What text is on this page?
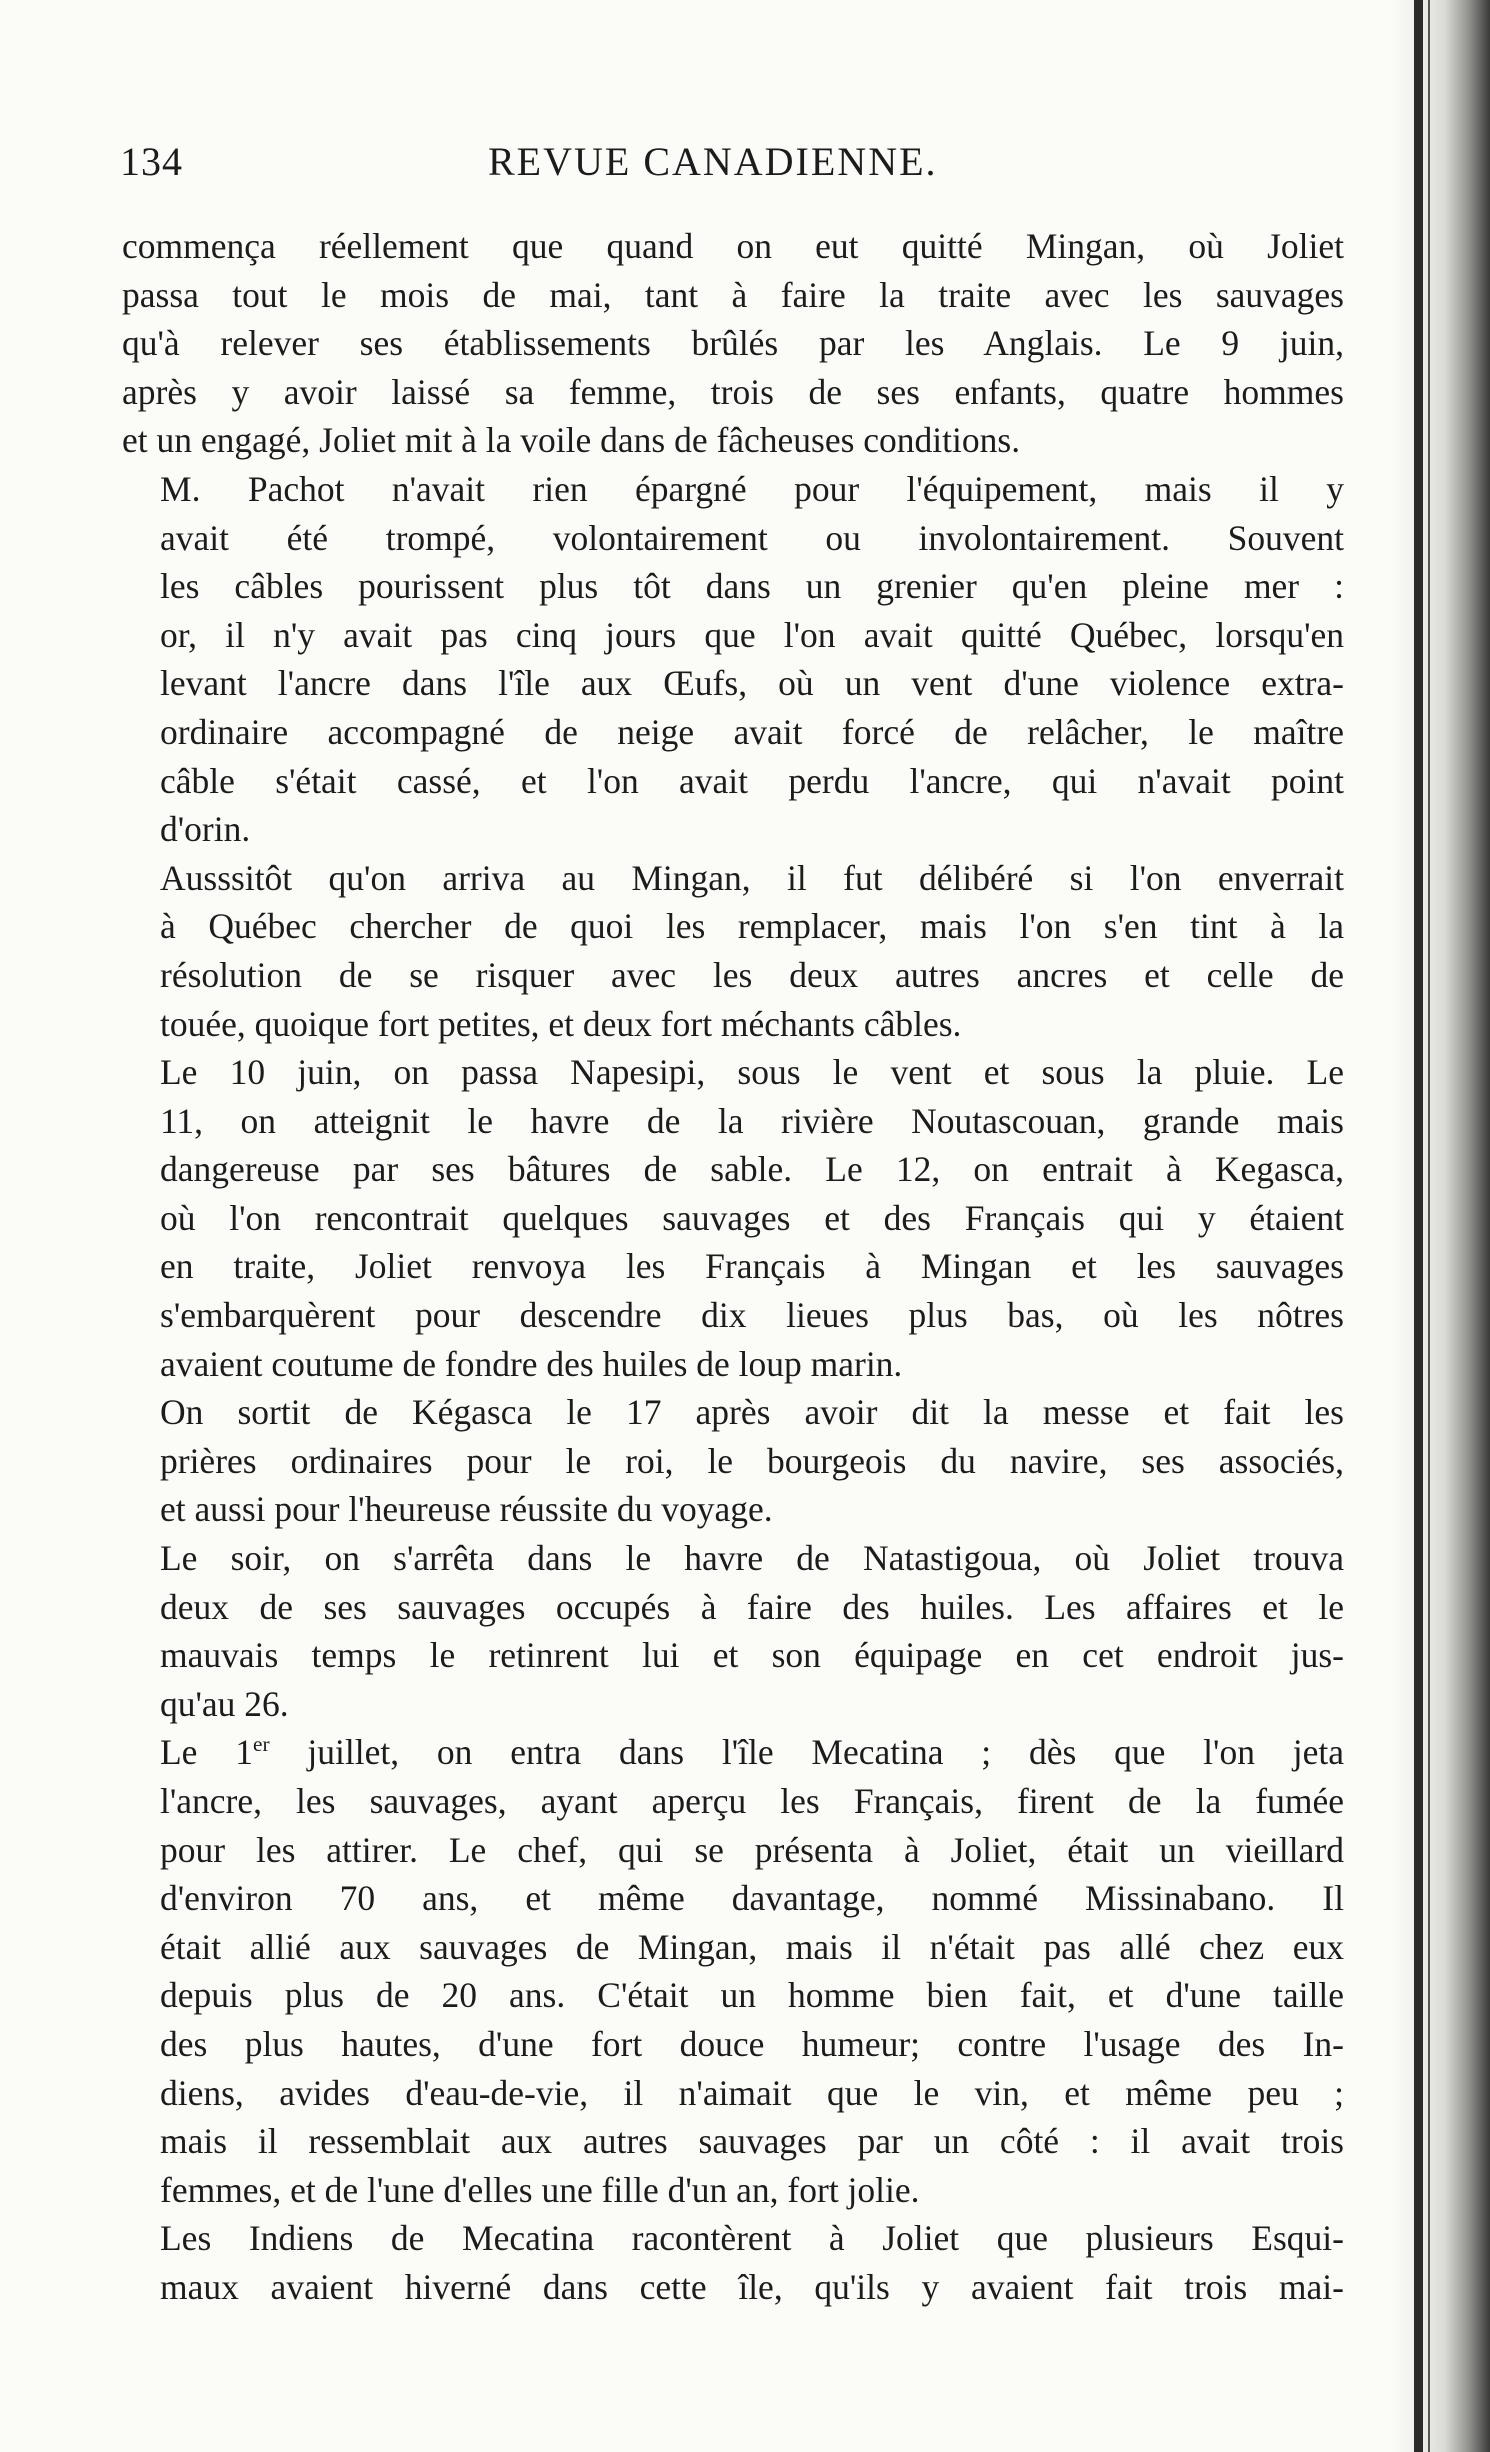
134	REVUE CANADIENNE.

commença réellement que quand on eut quitté Mingan, où Joliet
passa tout le mois de mai, tant à faire la traite avec les sauvages
qu'à relever ses établissements brûlés par les Anglais. Le 9 juin,
après y avoir laissé sa femme, trois de ses enfants, quatre hommes
et un engagé, Joliet mit à la voile dans de fâcheuses conditions.

M. Pachot n'avait rien épargné pour l'équipement, mais il y
avait été trompé, volontairement ou involontairement. Souvent
les câbles pourissent plus tôt dans un grenier qu'en pleine mer :
or, il n'y avait pas cinq jours que l'on avait quitté Québec, lorsqu'en
levant l'ancre dans l'île aux Œufs, où un vent d'une violence extra-
ordinaire accompagné de neige avait forcé de relâcher, le maître
câble s'était cassé, et l'on avait perdu l'ancre, qui n'avait point
d'orin.

Ausssitôt qu'on arriva au Mingan, il fut délibéré si l'on enverrait
à Québec chercher de quoi les remplacer, mais l'on s'en tint à la
résolution de se risquer avec les deux autres ancres et celle de
touée, quoique fort petites, et deux fort méchants câbles.

Le 10 juin, on passa Napesipi, sous le vent et sous la pluie. Le
11, on atteignit le havre de la rivière Noutascouan, grande mais
dangereuse par ses bâtures de sable. Le 12, on entrait à Kegasca,
où l'on rencontrait quelques sauvages et des Français qui y étaient
en traite, Joliet renvoya les Français à Mingan et les sauvages
s'embarquèrent pour descendre dix lieues plus bas, où les nôtres
avaient coutume de fondre des huiles de loup marin.

On sortit de Kégasca le 17 après avoir dit la messe et fait les
prières ordinaires pour le roi, le bourgeois du navire, ses associés,
et aussi pour l'heureuse réussite du voyage.

Le soir, on s'arrêta dans le havre de Natastigoua, où Joliet trouva
deux de ses sauvages occupés à faire des huiles. Les affaires et le
mauvais temps le retinrent lui et son équipage en cet endroit jus-
qu'au 26.

Le 1er juillet, on entra dans l'île Mecatina ; dès que l'on jeta
l'ancre, les sauvages, ayant aperçu les Français, firent de la fumée
pour les attirer. Le chef, qui se présenta à Joliet, était un vieillard
d'environ 70 ans, et même davantage, nommé Missinabano. Il
était allié aux sauvages de Mingan, mais il n'était pas allé chez eux
depuis plus de 20 ans. C'était un homme bien fait, et d'une taille
des plus hautes, d'une fort douce humeur; contre l'usage des In-
diens, avides d'eau-de-vie, il n'aimait que le vin, et même peu ;
mais il ressemblait aux autres sauvages par un côté : il avait trois
femmes, et de l'une d'elles une fille d'un an, fort jolie.

Les Indiens de Mecatina racontèrent à Joliet que plusieurs Esqui-
maux avaient hiverné dans cette île, qu'ils y avaient fait trois mai-
